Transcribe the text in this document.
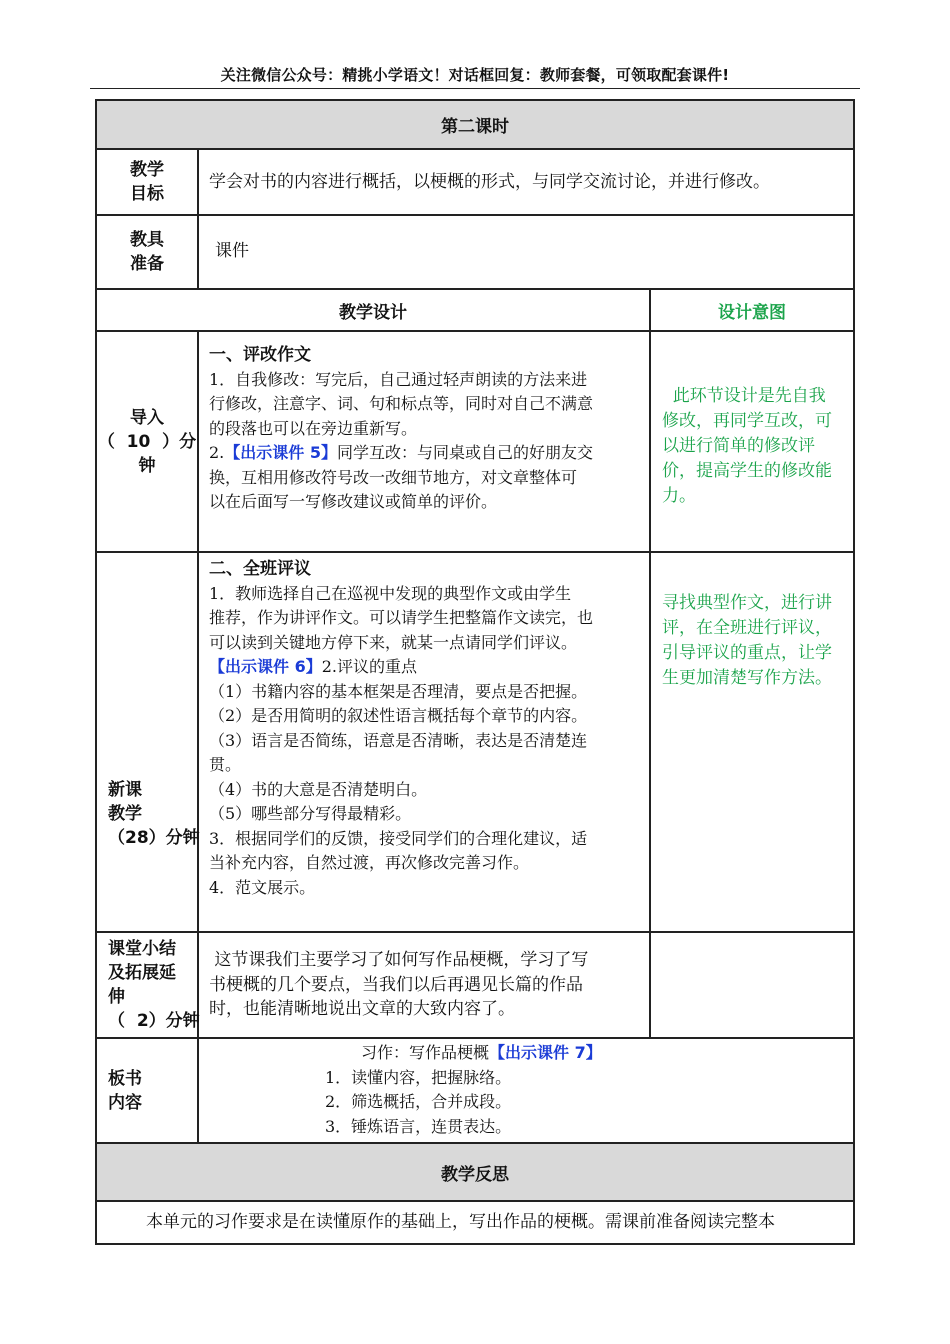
关注微信公众号：精挑小学语文！对话框回复：教师套餐，可领取配套课件!
第二课时
教学
目标
学会对书的内容进行概括，以梗概的形式，与同学交流讨论，并进行修改。
教具
准备
课件
教学设计	设计意图
导入
（  10  ）分
钟
一、评改作文
1．自我修改：写完后，自己通过轻声朗读的方法来进
行修改，注意字、词、句和标点等，同时对自己不满意
的段落也可以在旁边重新写。
2.【出示课件 5】同学互改：与同桌或自己的好朋友交
换，互相用修改符号改一改细节地方，对文章整体可
以在后面写一写修改建议或简单的评价。
此环节设计是先自我
修改，再同学互改，可
以进行简单的修改评
价，提高学生的修改能
力。
新课
教学
（28）分钟
二、全班评议
1．教师选择自己在巡视中发现的典型作文或由学生
推荐，作为讲评作文。可以请学生把整篇作文读完，也
可以读到关键地方停下来，就某一点请同学们评议。
【出示课件 6】2.评议的重点
（1）书籍内容的基本框架是否理清，要点是否把握。
（2）是否用简明的叙述性语言概括每个章节的内容。
（3）语言是否简练，语意是否清晰，表达是否清楚连
贯。
（4）书的大意是否清楚明白。
（5）哪些部分写得最精彩。
3．根据同学们的反馈，接受同学们的合理化建议，适
当补充内容，自然过渡，再次修改完善习作。
4．范文展示。
寻找典型作文，进行讲
评，在全班进行评议，
引导评议的重点，让学
生更加清楚写作方法。
课堂小结
及拓展延
伸
（  2）分钟
这节课我们主要学习了如何写作品梗概，学习了写
书梗概的几个要点，当我们以后再遇见长篇的作品
时，也能清晰地说出文章的大致内容了。
板书
内容
习作：写作品梗概【出示课件 7】
1．读懂内容，把握脉络。
2．筛选概括，合并成段。
3．锤炼语言，连贯表达。
教学反思
本单元的习作要求是在读懂原作的基础上，写出作品的梗概。需课前准备阅读完整本
